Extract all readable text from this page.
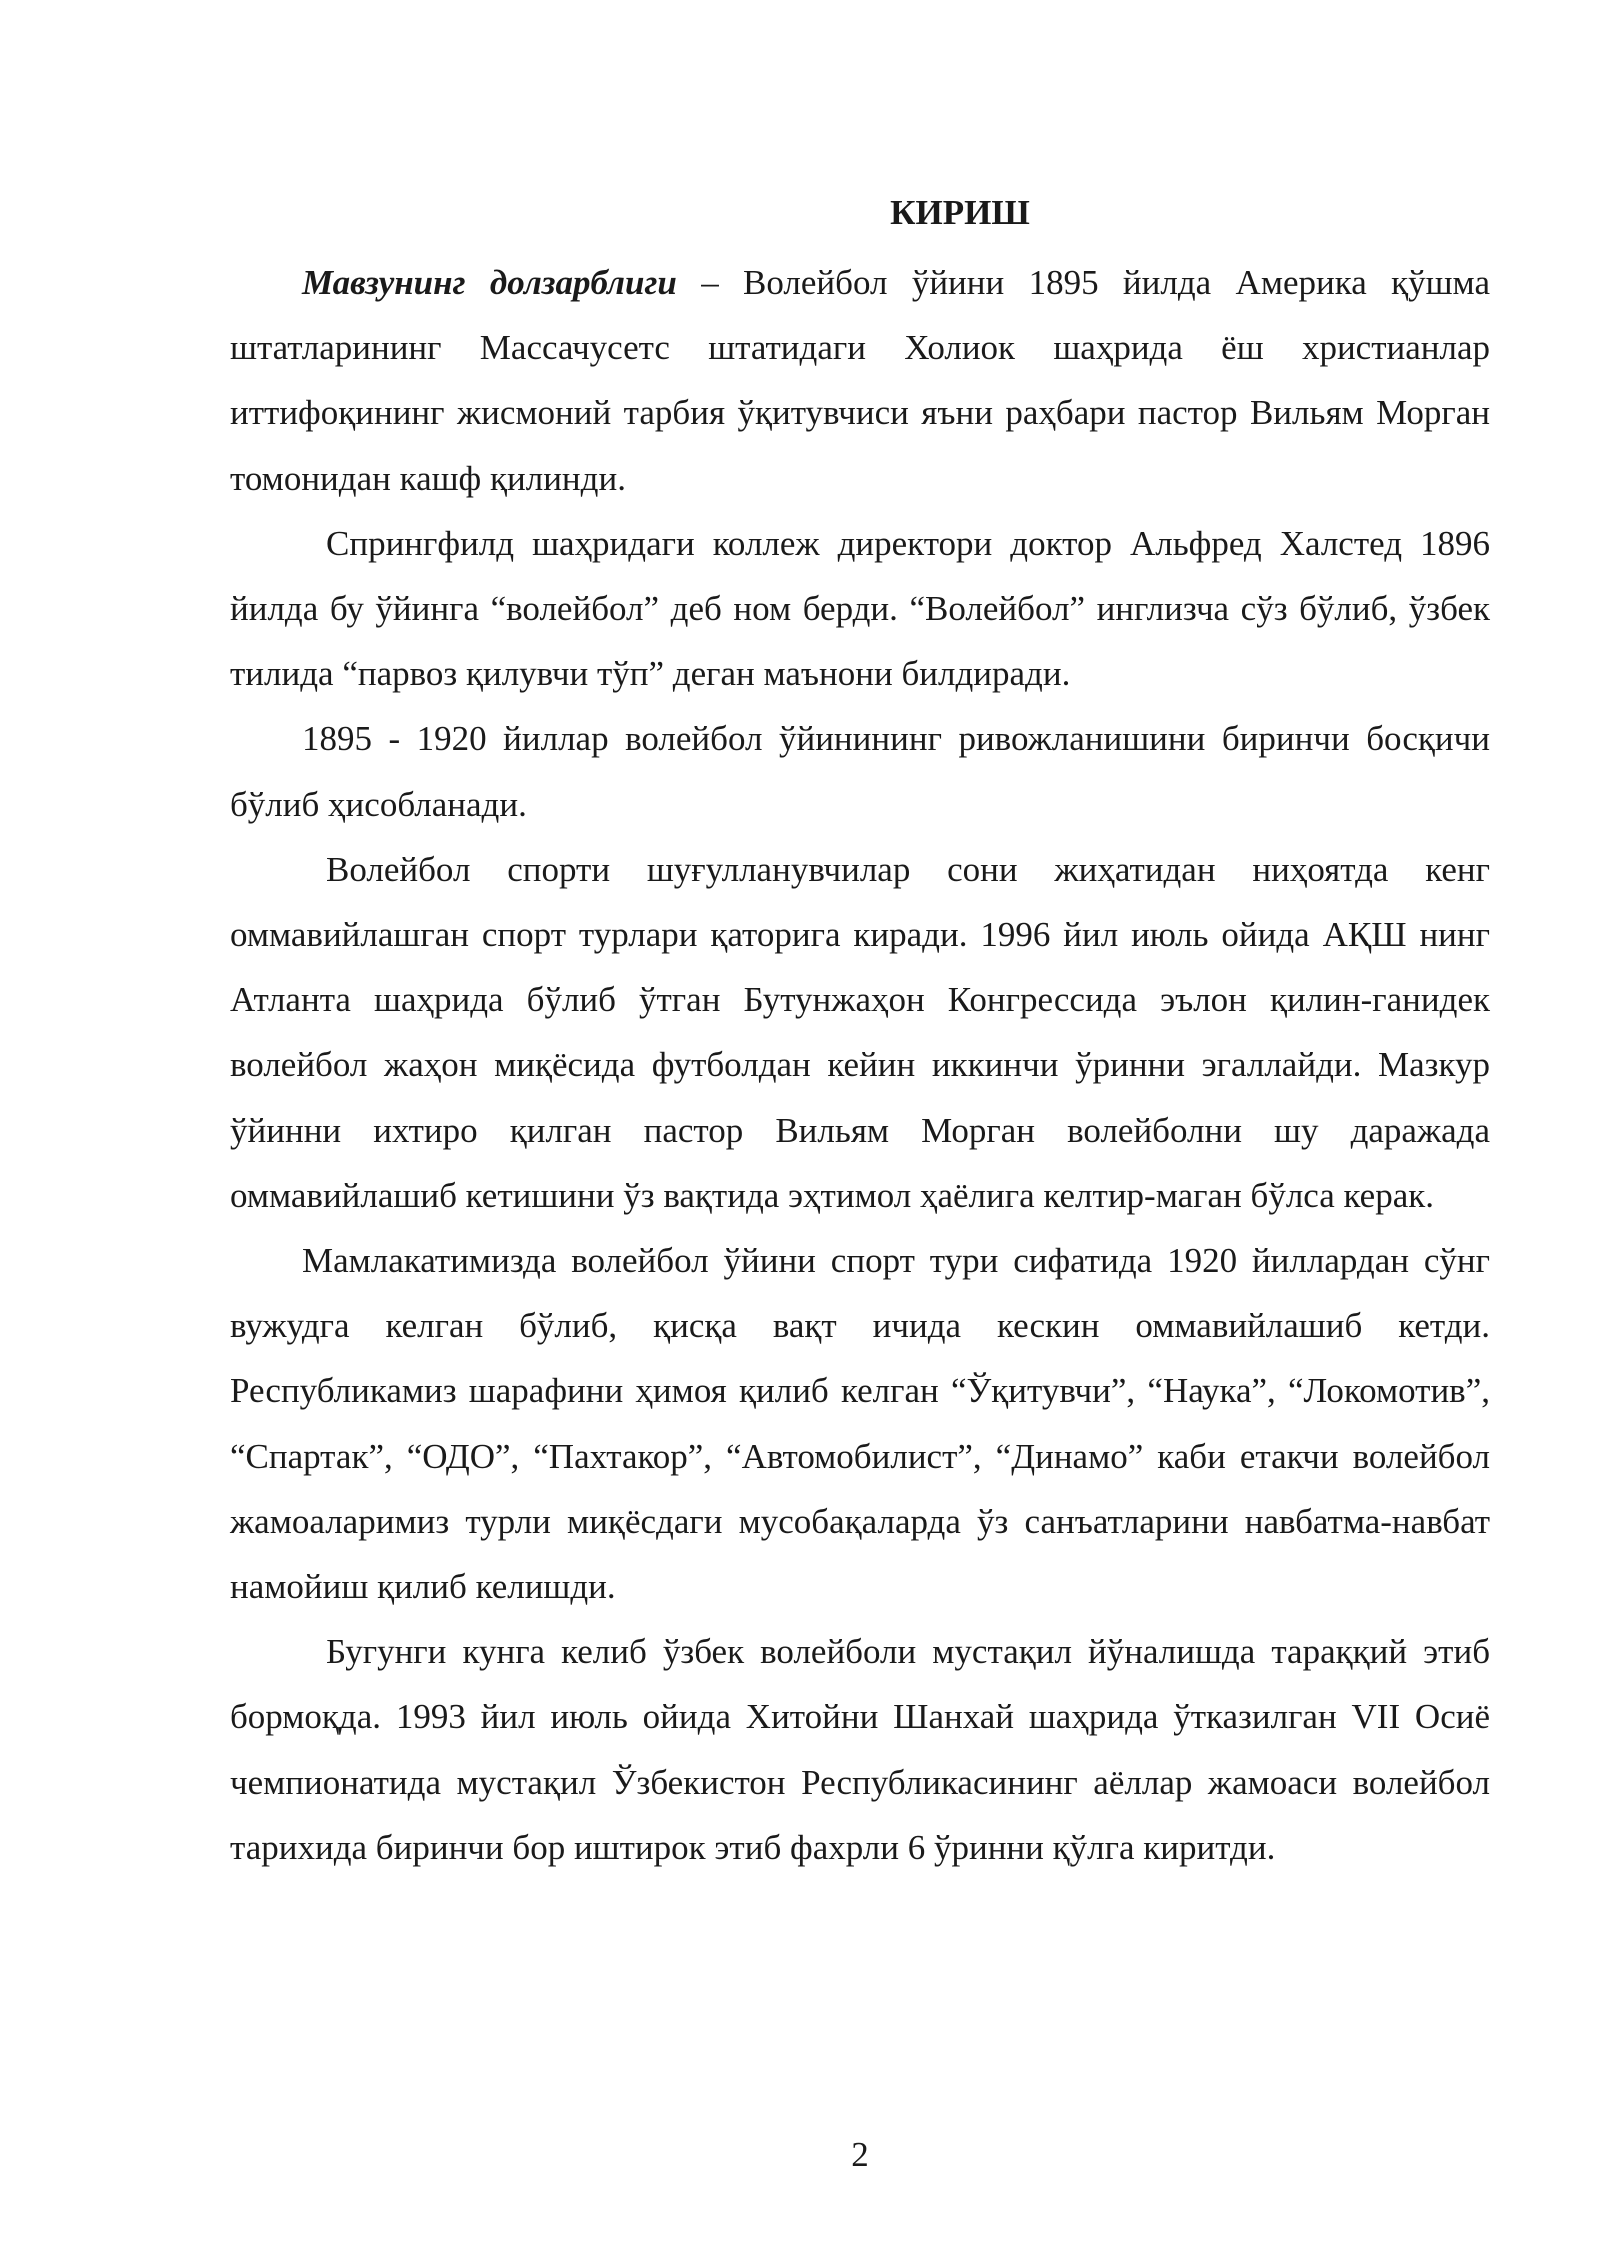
КИРИШ

Мавзунинг долзарблиги – Волейбол ўйини 1895 йилда Америка қўшма штатларининг Массачусетс штатидаги Холиок шаҳрида ёш христианлар иттифоқининг жисмоний тарбия ўқитувчиси яъни раҳбари пастор Вильям Морган томонидан кашф қилинди.

Спрингфилд шаҳридаги коллеж директори доктор Альфред Халстед 1896 йилда бу ўйинга “волейбол” деб ном берди. “Волейбол” инглизча сўз бўлиб, ўзбек тилида “парвоз қилувчи тўп” деган маънони билдиради.

1895 - 1920 йиллар волейбол ўйинининг ривожланишини биринчи босқичи бўлиб ҳисобланади.

Волейбол спорти шуғулланувчилар сони жиҳатидан ниҳоятда кенг оммавийлашган спорт турлари қаторига киради. 1996 йил июль ойида АҚШ нинг Атланта шаҳрида бўлиб ўтган Бутунжаҳон Конгрессида эълон қилин-ганидек волейбол жаҳон миқёсида футболдан кейин иккинчи ўринни эгаллайди. Мазкур ўйинни ихтиро қилган пастор Вильям Морган волейболни шу даражада оммавийлашиб кетишини ўз вақтида эҳтимол ҳаёлига келтир-маган бўлса керак.

Мамлакатимизда волейбол ўйини спорт тури сифатида 1920 йиллардан сўнг вужудга келган бўлиб, қисқа вақт ичида кескин оммавийлашиб кетди. Республикамиз шарафини ҳимоя қилиб келган “Ўқитувчи”, “Наука”, “Локомотив”, “Спартак”, “ОДО”, “Пахтакор”, “Автомобилист”, “Динамо” каби етакчи волейбол жамоаларимиз турли миқёсдаги мусобақаларда ўз санъатларини навбатма-навбат намойиш қилиб келишди.

Бугунги кунга келиб ўзбек волейболи мустақил йўналишда тараққий этиб бормоқда. 1993 йил июль ойида Хитойни Шанхай шаҳрида ўтказилган VII Осиё чемпионатида мустақил Ўзбекистон Республикасининг аёллар жамоаси волейбол тарихида биринчи бор иштирок этиб фахрли 6 ўринни қўлга киритди.

2
